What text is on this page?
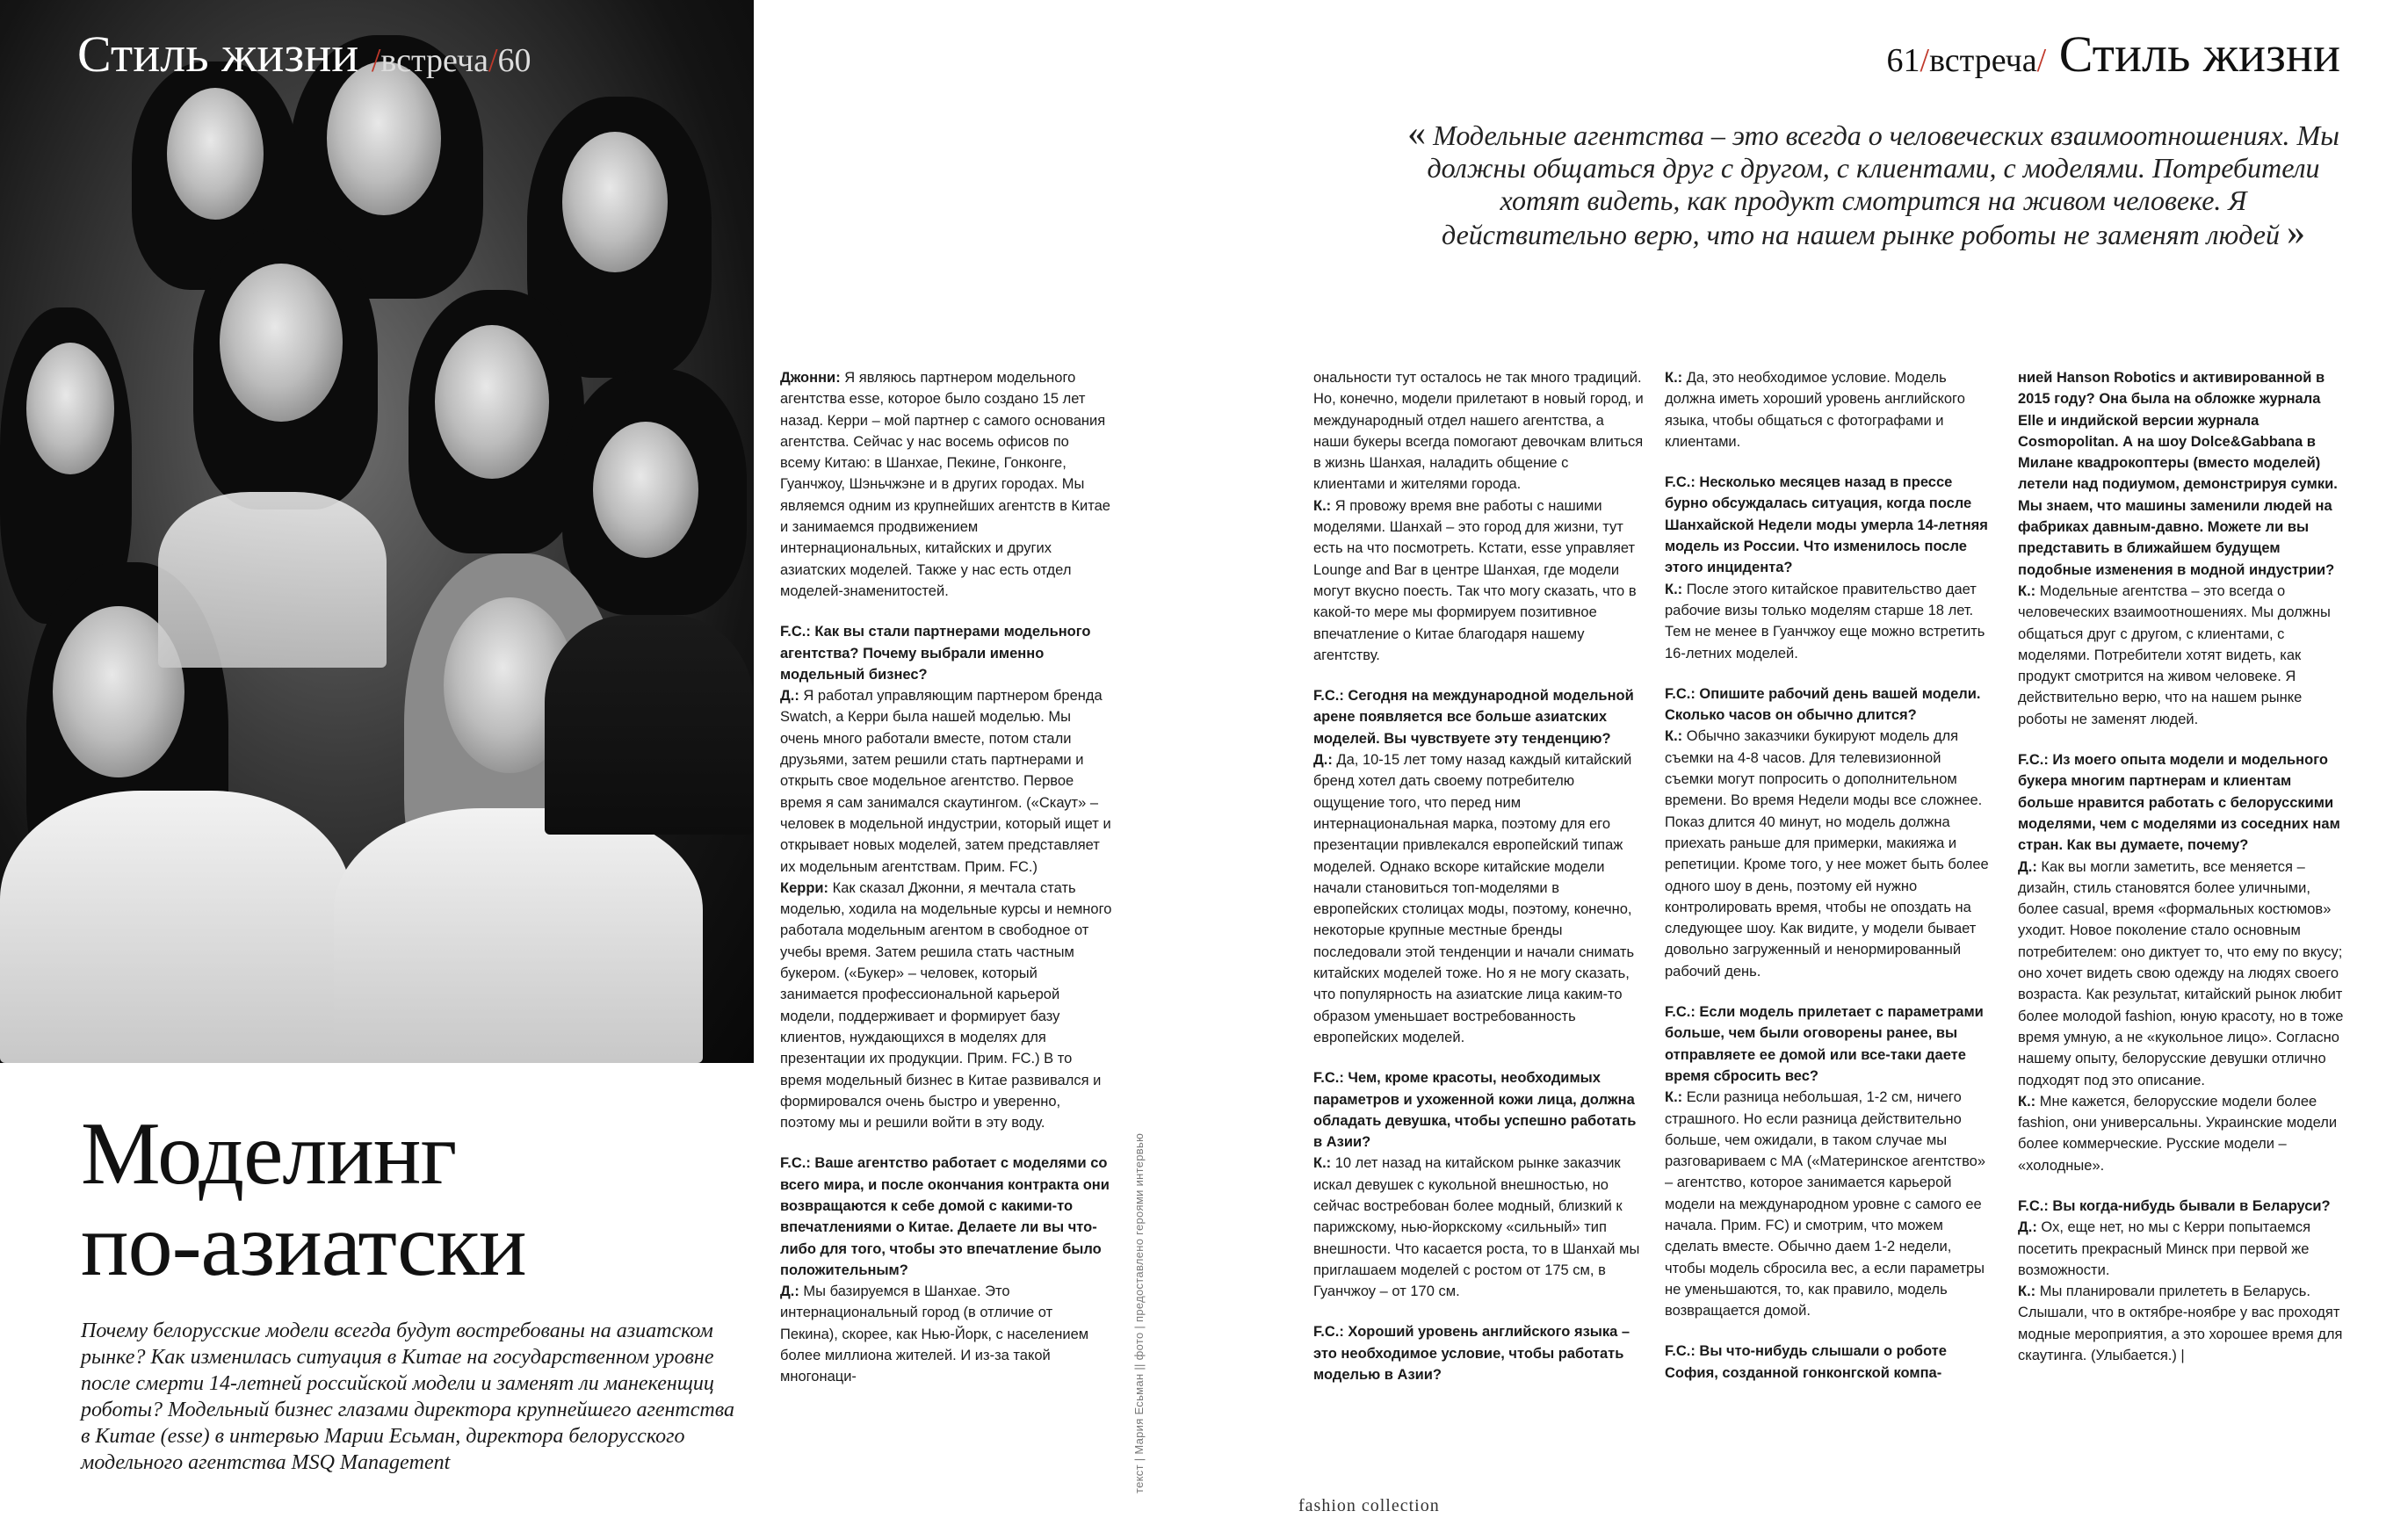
Стиль жизни /встреча/60	61/встреча/ Стиль жизни
Моделинг
по-азиатски
Почему белорусские модели всегда будут востребованы на азиатском рынке? Как изменилась ситуация в Китае на государственном уровне после смерти 14-летней российской модели и заменят ли манекенщиц роботы? Модельный бизнес глазами директора крупнейшего агентства в Китае (esse) в интервью Марии Есьман, директора белорусского модельного агентства MSQ Management
« Модельные агентства – это всегда о человеческих взаимоотношениях. Мы должны общаться друг с другом, с клиентами, с моделями. Потребители хотят видеть, как продукт смотрится на живом человеке. Я действительно верю, что на нашем рынке роботы не заменят людей »

Джонни: Я являюсь партнером модельного агентства esse, которое было создано 15 лет назад. Керри – мой партнер с самого основания агентства. Сейчас у нас восемь офисов по всему Китаю: в Шанхае, Пекине, Гонконге, Гуанчжоу, Шэньчжэне и в других городах. Мы являемся одним из крупнейших агентств в Китае и занимаемся продвижением интернациональных, китайских и других азиатских моделей. Также у нас есть отдел моделей-знаменитостей.

F.C.: Как вы стали партнерами модельного агентства? Почему выбрали именно модельный бизнес?

Д.: Я работал управляющим партнером бренда Swatch, а Керри была нашей моделью. Мы очень много работали вместе, потом стали друзьями, затем решили стать партнерами и открыть свое модельное агентство. Первое время я сам занимался скаутингом. («Скаут» – человек в модельной индустрии, который ищет и открывает новых моделей, затем представляет их модельным агентствам. Прим. FC.)

Керри: Как сказал Джонни, я мечтала стать моделью, ходила на модельные курсы и немного работала модельным агентом в свободное от учебы время. Затем решила стать частным букером. («Букер» – человек, который занимается профессиональной карьерой модели, поддерживает и формирует базу клиентов, нуждающихся в моделях для презентации их продукции. Прим. FC.) В то время модельный бизнес в Китае развивался и формировался очень быстро и уверенно, поэтому мы и решили войти в эту воду.

F.C.: Ваше агентство работает с моделями со всего мира, и после окончания контракта они возвращаются к себе домой с какими-то впечатлениями о Китае. Делаете ли вы что-либо для того, чтобы это впечатление было положительным?

Д.: Мы базируемся в Шанхае. Это интернациональный город (в отличие от Пекина), скорее, как Нью-Йорк, с населением более миллиона жителей. И из-за такой многонаци-

ональности тут осталось не так много традиций. Но, конечно, модели прилетают в новый город, и международный отдел нашего агентства, а наши букеры всегда помогают девочкам влиться в жизнь Шанхая, наладить общение с клиентами и жителями города.

К.: Я провожу время вне работы с нашими моделями. Шанхай – это город для жизни, тут есть на что посмотреть. Кстати, esse управляет Lounge and Bar в центре Шанхая, где модели могут вкусно поесть. Так что могу сказать, что в какой-то мере мы формируем позитивное впечатление о Китае благодаря нашему агентству.

F.C.: Сегодня на международной модельной арене появляется все больше азиатских моделей. Вы чувствуете эту тенденцию?

Д.: Да, 10-15 лет тому назад каждый китайский бренд хотел дать своему потребителю ощущение того, что перед ним интернациональная марка, поэтому для его презентации привлекался европейский типаж моделей. Однако вскоре китайские модели начали становиться топ-моделями в европейских столицах моды, поэтому, конечно, некоторые крупные местные бренды последовали этой тенденции и начали снимать китайских моделей тоже. Но я не могу сказать, что популярность на азиатские лица каким-то образом уменьшает востребованность европейских моделей.

F.C.: Чем, кроме красоты, необходимых параметров и ухоженной кожи лица, должна обладать девушка, чтобы успешно работать в Азии?

К.: 10 лет назад на китайском рынке заказчик искал девушек с кукольной внешностью, но сейчас востребован более модный, близкий к парижскому, нью-йоркскому «сильный» тип внешности. Что касается роста, то в Шанхай мы приглашаем моделей с ростом от 175 см, в Гуанчжоу – от 170 см.

F.C.: Хороший уровень английского языка – это необходимое условие, чтобы работать моделью в Азии?

К.: Да, это необходимое условие. Модель должна иметь хороший уровень английского языка, чтобы общаться с фотографами и клиентами.

F.C.: Несколько месяцев назад в прессе бурно обсуждалась ситуация, когда после Шанхайской Недели моды умерла 14-летняя модель из России. Что изменилось после этого инцидента?

К.: После этого китайское правительство дает рабочие визы только моделям старше 18 лет. Тем не менее в Гуанчжоу еще можно встретить 16-летних моделей.

F.C.: Опишите рабочий день вашей модели. Сколько часов он обычно длится?

К.: Обычно заказчики букируют модель для съемки на 4-8 часов. Для телевизионной съемки могут попросить о дополнительном времени. Во время Недели моды все сложнее. Показ длится 40 минут, но модель должна приехать раньше для примерки, макияжа и репетиции. Кроме того, у нее может быть более одного шоу в день, поэтому ей нужно контролировать время, чтобы не опоздать на следующее шоу. Как видите, у модели бывает довольно загруженный и ненормированный рабочий день.

F.C.: Если модель прилетает с параметрами больше, чем были оговорены ранее, вы отправляете ее домой или все-таки даете время сбросить вес?

К.: Если разница небольшая, 1-2 см, ничего страшного. Но если разница действительно больше, чем ожидали, в таком случае мы разговариваем с МА («Материнское агентство» – агентство, которое занимается карьерой модели на международном уровне с самого ее начала. Прим. FC) и смотрим, что можем сделать вместе. Обычно даем 1-2 недели, чтобы модель сбросила вес, а если параметры не уменьшаются, то, как правило, модель возвращается домой.

F.C.: Вы что-нибудь слышали о роботе София, созданной гонконгской компа-

нией Hanson Robotics и активированной в 2015 году? Она была на обложке журнала Elle и индийской версии журнала Cosmopolitan. А на шоу Dolce&Gabbana в Милане квадрокоптеры (вместо моделей) летели над подиумом, демонстрируя сумки. Мы знаем, что машины заменили людей на фабриках давным-давно. Можете ли вы представить в ближайшем будущем подобные изменения в модной индустрии?

К.: Модельные агентства – это всегда о человеческих взаимоотношениях. Мы должны общаться друг с другом, с клиентами, с моделями. Потребители хотят видеть, как продукт смотрится на живом человеке. Я действительно верю, что на нашем рынке роботы не заменят людей.

F.C.: Из моего опыта модели и модельного букера многим партнерам и клиентам больше нравится работать с белорусскими моделями, чем с моделями из соседних нам стран. Как вы думаете, почему?

Д.: Как вы могли заметить, все меняется – дизайн, стиль становятся более уличными, более casual, время «формальных костюмов» уходит. Новое поколение стало основным потребителем: оно диктует то, что ему по вкусу; оно хочет видеть свою одежду на людях своего возраста. Как результат, китайский рынок любит более молодой fashion, юную красоту, но в тоже время умную, а не «кукольное лицо». Согласно нашему опыту, белорусские девушки отлично подходят под это описание.

К.: Мне кажется, белорусские модели более fashion, они универсальны. Украинские модели более коммерческие. Русские модели – «холодные».

F.C.: Вы когда-нибудь бывали в Беларуси?

Д.: Ох, еще нет, но мы с Керри попытаемся посетить прекрасный Минск при первой же возможности.

К.: Мы планировали прилететь в Беларусь. Слышали, что в октябре-ноябре у вас проходят модные мероприятия, а это хорошее время для скаутинга. (Улыбается.) |

текст | Мария Есьман || фото | предоставлено героями интервью
fashion collection
